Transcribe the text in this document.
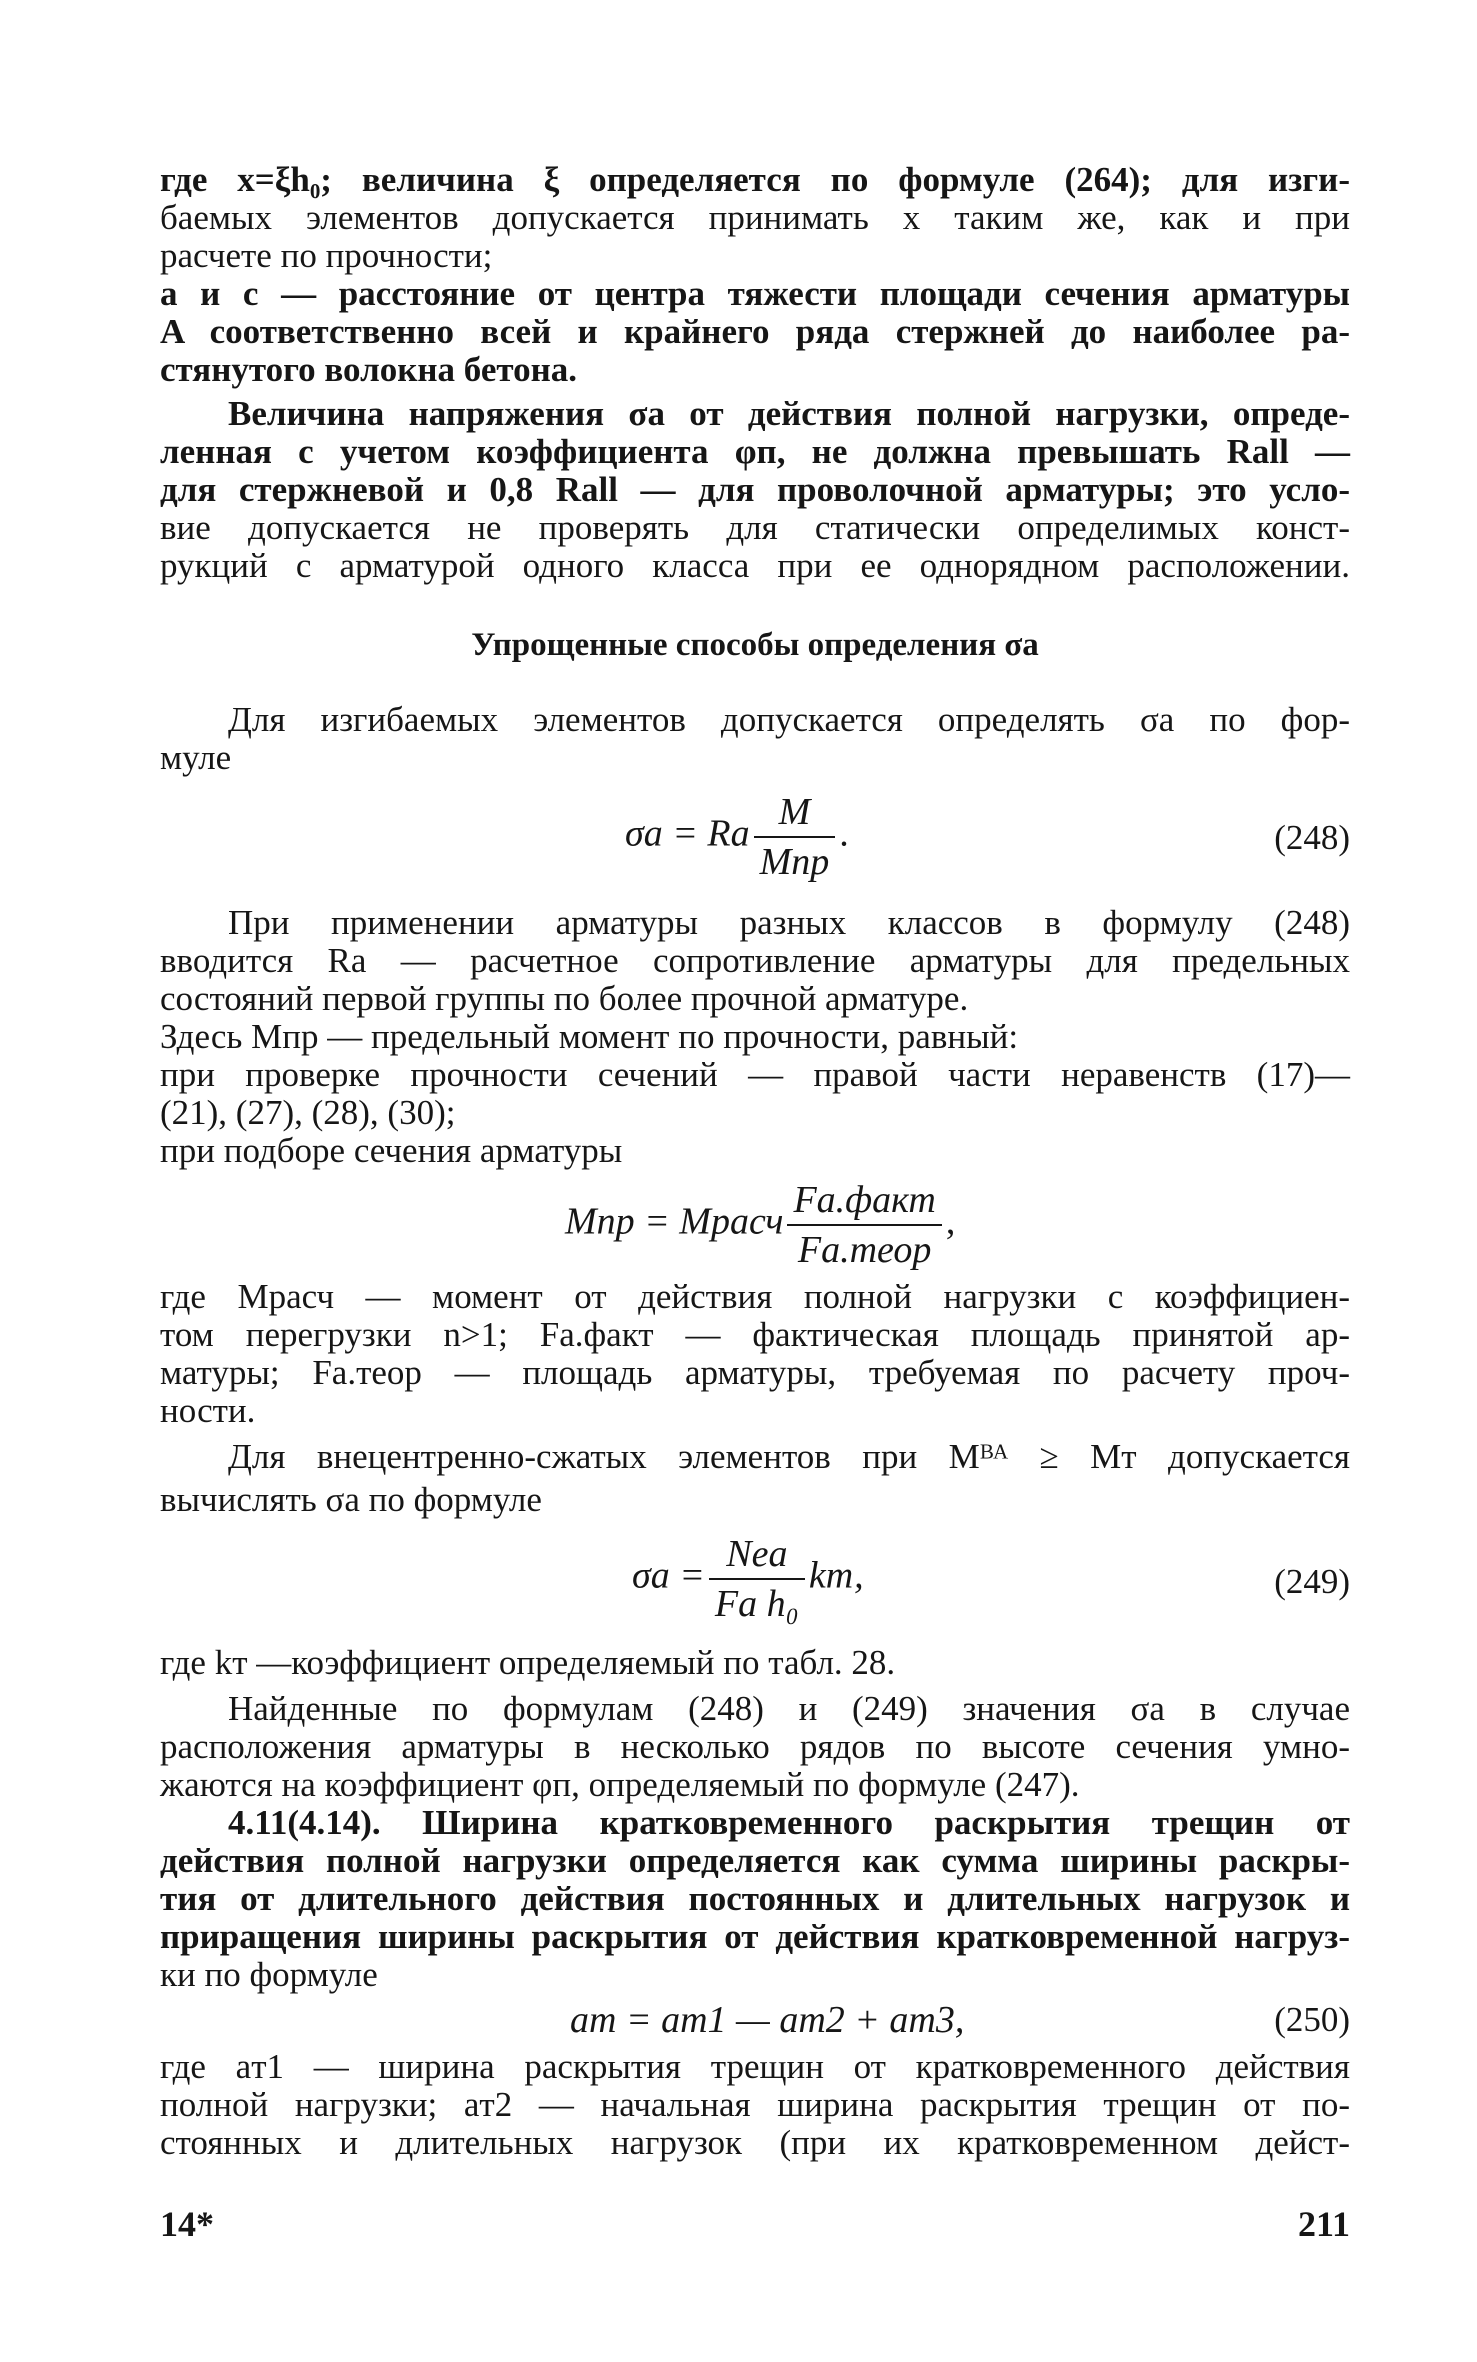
где x=ξh₀; величина ξ определяется по формуле (264); для изги-
баемых элементов допускается принимать x таким же, как и при
расчете по прочности;
a и c — расстояние от центра тяжести площади сечения арматуры
A соответственно всей и крайнего ряда стержней до наиболее ра-
стянутого волокна бетона.
Величина напряжения σа от действия полной нагрузки, опреде-
ленная с учетом коэффициента φп, не должна превышать Rаll —
для стержневой и 0,8 Rаll — для проволочной арматуры; это усло-
вие допускается не проверять для статически определимых конст-
рукций с арматурой одного класса при ее однорядном расположении.
Упрощенные способы определения σа
Для изгибаемых элементов допускается определять σа по фор-
муле
σа = Rа $\frac{M}{\text{Mпр}}$ .	(248)
При применении арматуры разных классов в формулу (248)
вводится Rа — расчетное сопротивление арматуры для предельных
состояний первой группы по более прочной арматуре.
Здесь Mпр — предельный момент по прочности, равный:
при проверке прочности сечений — правой части неравенств (17)—
(21), (27), (28), (30);
при подборе сечения арматуры
Mпр = Mрасч $\frac{\text{Fа.факт}}{\text{Fа.теор}}$ ,
где Mрасч — момент от действия полной нагрузки с коэффициен-
том перегрузки n>1; Fа.факт — фактическая площадь принятой ар-
матуры; Fа.теор — площадь арматуры, требуемая по расчету проч-
ности.
Для внецентренно-сжатых элементов при Mᴮᴬ ≥ Mт допускается
вычислять σа по формуле
$\sigma а = \frac{\text{Neа}}{\text{Fа h₀}}$ kт,	(249)
где kт —коэффициент определяемый по табл. 28.
Найденные по формулам (248) и (249) значения σа в случае
расположения арматуры в несколько рядов по высоте сечения умно-
жаются на коэффициент φп, определяемый по формуле (247).
4.11(4.14). Ширина кратковременного раскрытия трещин от
действия полной нагрузки определяется как сумма ширины раскры-
тия от длительного действия постоянных и длительных нагрузок и
приращения ширины раскрытия от действия кратковременной нагруз-
ки по формуле
aт = aт1 — aт2 + aт3,	(250)
где aт1 — ширина раскрытия трещин от кратковременного действия
полной нагрузки; aт2 — начальная ширина раскрытия трещин от по-
стоянных и длительных нагрузок (при их кратковременном дейст-
14*	211
